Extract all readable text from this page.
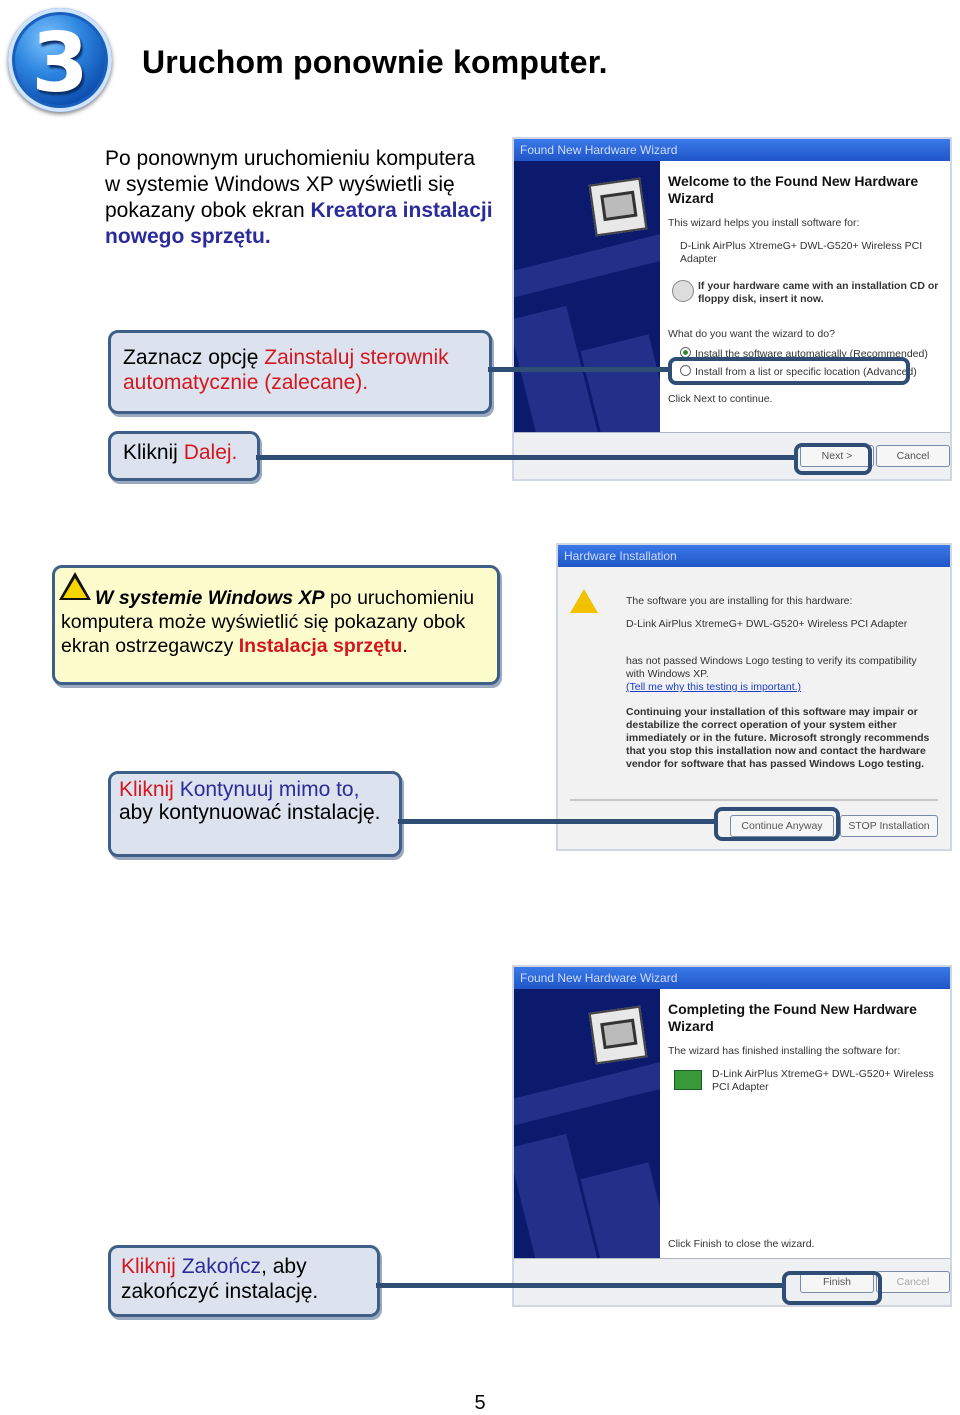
3	Uruchom ponownie komputer.
Po ponownym uruchomieniu komputera w systemie Windows XP wyświetli się pokazany obok ekran Kreatora instalacji nowego sprzętu.
Found New Hardware Wizard
Welcome to the Found New Hardware Wizard
This wizard helps you install software for:
D-Link AirPlus XtremeG+ DWL-G520+ Wireless PCI Adapter
If your hardware came with an installation CD or floppy disk, insert it now.
What do you want the wizard to do?
Install the software automatically (Recommended)
Install from a list or specific location (Advanced)
Click Next to continue.
Next >	Cancel
Zaznacz opcję Zainstaluj sterownik automatycznie (zalecane).
Kliknij Dalej.
W systemie Windows XP po uruchomieniu komputera może wyświetlić się pokazany obok ekran ostrzegawczy Instalacja sprzętu.
Hardware Installation
The software you are installing for this hardware:
D-Link AirPlus XtremeG+ DWL-G520+ Wireless PCI Adapter
has not passed Windows Logo testing to verify its compatibility with Windows XP.
(Tell me why this testing is important.)
Continuing your installation of this software may impair or destabilize the correct operation of your system either immediately or in the future. Microsoft strongly recommends that you stop this installation now and contact the hardware vendor for software that has passed Windows Logo testing.
Continue Anyway	STOP Installation
Kliknij Kontynuuj mimo to,
aby kontynuować instalację.
Found New Hardware Wizard
Completing the Found New Hardware Wizard
The wizard has finished installing the software for:
D-Link AirPlus XtremeG+ DWL-G520+ Wireless PCI Adapter
Click Finish to close the wizard.
Finish	Cancel
Kliknij Zakończ, aby zakończyć instalację.
5
